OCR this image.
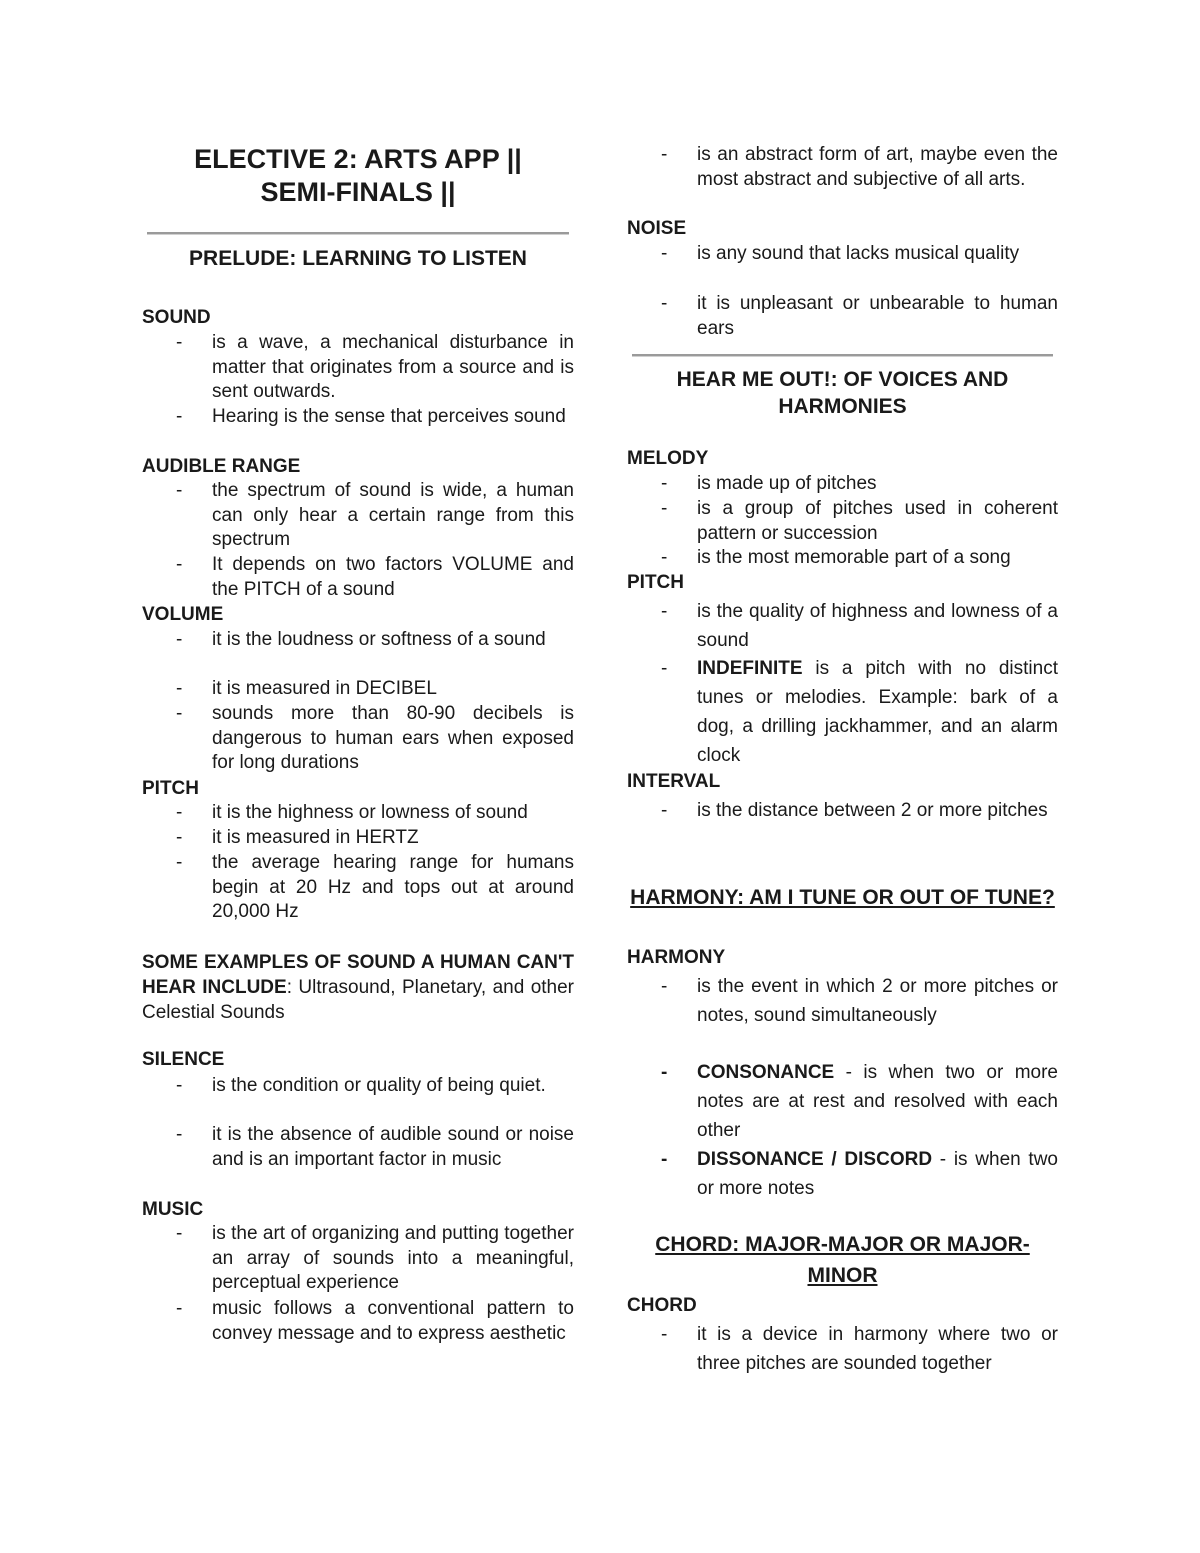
ELECTIVE 2: ARTS APP ||
SEMI-FINALS ||
PRELUDE: LEARNING TO LISTEN
SOUND
- is a wave, a mechanical disturbance in matter that originates from a source and is sent outwards.
- Hearing is the sense that perceives sound
AUDIBLE RANGE
- the spectrum of sound is wide, a human can only hear a certain range from this spectrum
- It depends on two factors VOLUME and the PITCH of a sound
VOLUME
- it is the loudness or softness of a sound
- it is measured in DECIBEL
- sounds more than 80-90 decibels is dangerous to human ears when exposed for long durations
PITCH
- it is the highness or lowness of sound
- it is measured in HERTZ
- the average hearing range for humans begin at 20 Hz and tops out at around 20,000 Hz
SOME EXAMPLES OF SOUND A HUMAN CAN'T HEAR INCLUDE: Ultrasound, Planetary, and other Celestial Sounds
SILENCE
- is the condition or quality of being quiet.
- it is the absence of audible sound or noise and is an important factor in music
MUSIC
- is the art of organizing and putting together an array of sounds into a meaningful, perceptual experience
- music follows a conventional pattern to convey message and to express aesthetic
- is an abstract form of art, maybe even the most abstract and subjective of all arts.
NOISE
- is any sound that lacks musical quality
- it is unpleasant or unbearable to human ears
HEAR ME OUT!: OF VOICES AND HARMONIES
MELODY
- is made up of pitches
- is a group of pitches used in coherent pattern or succession
- is the most memorable part of a song
PITCH
- is the quality of highness and lowness of a sound
- INDEFINITE is a pitch with no distinct tunes or melodies. Example: bark of a dog, a drilling jackhammer, and an alarm clock
INTERVAL
- is the distance between 2 or more pitches
HARMONY: AM I TUNE OR OUT OF TUNE?
HARMONY
- is the event in which 2 or more pitches or notes, sound simultaneously
- CONSONANCE - is when two or more notes are at rest and resolved with each other
- DISSONANCE / DISCORD - is when two or more notes
CHORD: MAJOR-MAJOR OR MAJOR-MINOR
CHORD
- it is a device in harmony where two or three pitches are sounded together
